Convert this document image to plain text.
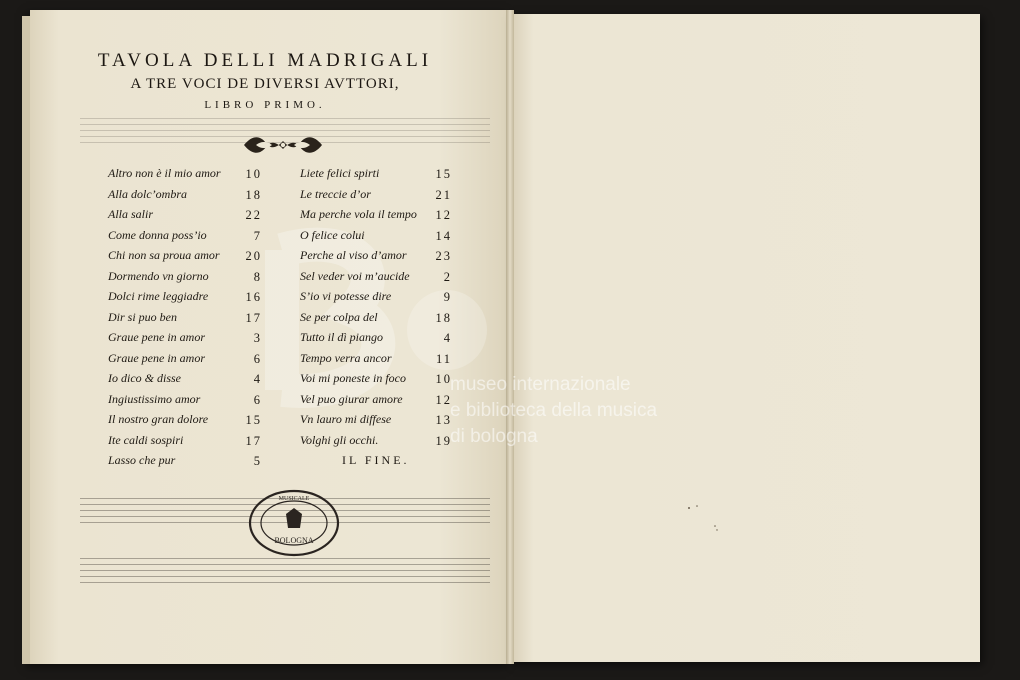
TAVOLA DELLI MADRIGALI

A TRE VOCI DE DIVERSI AVTTORI,

LIBRO PRIMO.

Altro non è il mio amor 10
Alla dolc’ombra	18
Alla salir	22
Come donna poss’io	7
Chi non sa proua amor 20
Dormendo vn giorno	8
Dolci rime leggiadre	16
Dir si puo ben	17
Graue pene in amor	3
Graue pene in amor	6
Io dico & disse	4
Ingiustissimo amor	6
Il nostro gran dolore	15
Ite caldi sospiri	17
Lasso che pur	5
Liete felici spirti	15
Le treccie d’or	21
Ma perche vola il tempo 12
O felice colui	14
Perche al viso d’amor 23
Sel veder voi m’aucide	2
S’io vi potesse dire	9
Se per colpa del	18
Tutto il dì piango	4
Tempo verra ancor	11
Voi mi poneste in foco 10
Vel puo giurar amore	12
Vn lauro mi diffese	13
Volghi gli occhi.	19
IL FINE.
BOLOGNA
MUSICALE
museo internazionale
e biblioteca della musica
di bologna
